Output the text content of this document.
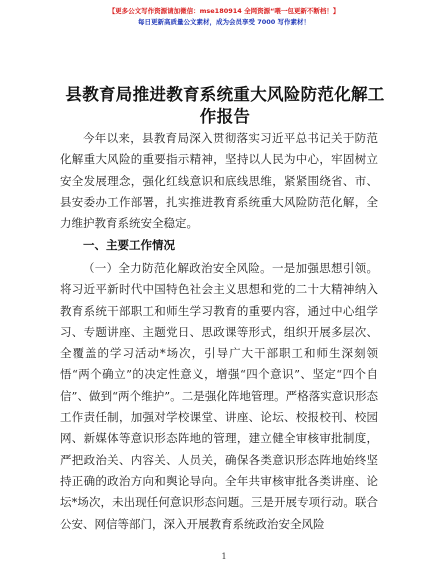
【更多公文写作资源请加微信：mse180914 全网资源“喂一包更新不断档！】
每日更新高质量公文素材，成为会员享受 7000 写作素材！
县教育局推进教育系统重大风险防范化解工作报告
今年以来，县教育局深入贯彻落实习近平总书记关于防范化解重大风险的重要指示精神，坚持以人民为中心，牢固树立安全发展理念，强化红线意识和底线思维，紧紧围绕省、市、县安委办工作部署，扎实推进教育系统重大风险防范化解，全力维护教育系统安全稳定。
一、主要工作情况
（一）全力防范化解政治安全风险。一是加强思想引领。将习近平新时代中国特色社会主义思想和党的二十大精神纳入教育系统干部职工和师生学习教育的重要内容，通过中心组学习、专题讲座、主题党日、思政课等形式，组织开展多层次、全覆盖的学习活动*场次，引导广大干部职工和师生深刻领悟“两个确立”的决定性意义，增强“四个意识”、坚定“四个自信”、做到“两个维护”。二是强化阵地管理。严格落实意识形态工作责任制，加强对学校课堂、讲座、论坛、校报校刊、校园网、新媒体等意识形态阵地的管理，建立健全审核审批制度，严把政治关、内容关、人员关，确保各类意识形态阵地始终坚持正确的政治方向和舆论导向。全年共审核审批各类讲座、论坛*场次，未出现任何意识形态问题。三是开展专项行动。联合公安、网信等部门，深入开展教育系统政治安全风险
1
